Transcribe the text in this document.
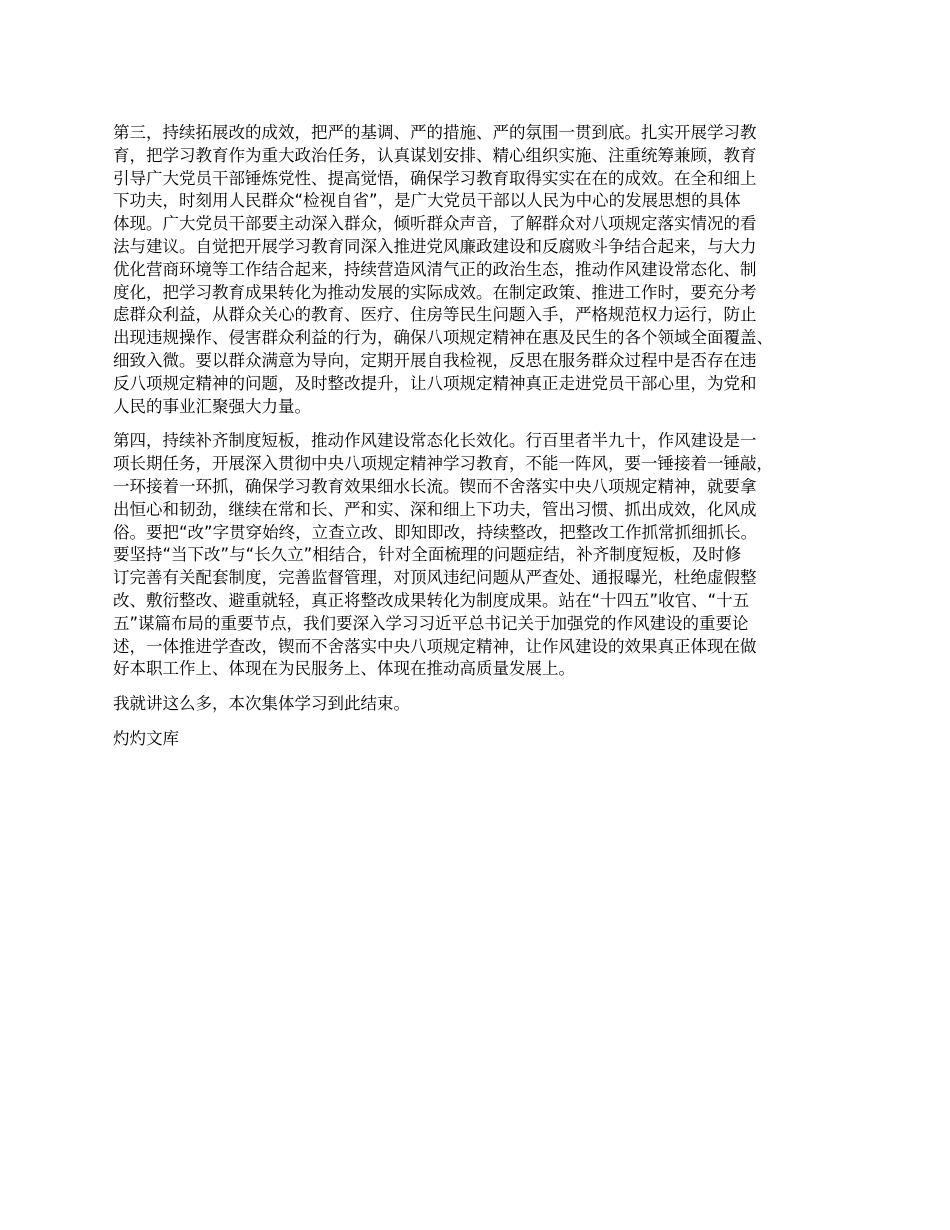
第三，持续拓展改的成效，把严的基调、严的措施、严的氛围一贯到底。扎实开展学习教
育，把学习教育作为重大政治任务，认真谋划安排、精心组织实施、注重统筹兼顾，教育
引导广大党员干部锤炼党性、提高觉悟，确保学习教育取得实实在在的成效。在全和细上
下功夫，时刻用人民群众“检视自省”，是广大党员干部以人民为中心的发展思想的具体
体现。广大党员干部要主动深入群众，倾听群众声音，了解群众对八项规定落实情况的看
法与建议。自觉把开展学习教育同深入推进党风廉政建设和反腐败斗争结合起来，与大力
优化营商环境等工作结合起来，持续营造风清气正的政治生态，推动作风建设常态化、制
度化，把学习教育成果转化为推动发展的实际成效。在制定政策、推进工作时，要充分考
虑群众利益，从群众关心的教育、医疗、住房等民生问题入手，严格规范权力运行，防止
出现违规操作、侵害群众利益的行为，确保八项规定精神在惠及民生的各个领域全面覆盖、
细致入微。要以群众满意为导向，定期开展自我检视，反思在服务群众过程中是否存在违
反八项规定精神的问题，及时整改提升，让八项规定精神真正走进党员干部心里，为党和
人民的事业汇聚强大力量。

第四，持续补齐制度短板，推动作风建设常态化长效化。行百里者半九十，作风建设是一
项长期任务，开展深入贯彻中央八项规定精神学习教育，不能一阵风，要一锤接着一锤敲，
一环接着一环抓，确保学习教育效果细水长流。锲而不舍落实中央八项规定精神，就要拿
出恒心和韧劲，继续在常和长、严和实、深和细上下功夫，管出习惯、抓出成效，化风成
俗。要把“改”字贯穿始终，立查立改、即知即改，持续整改，把整改工作抓常抓细抓长。
要坚持“当下改”与“长久立”相结合，针对全面梳理的问题症结，补齐制度短板，及时修
订完善有关配套制度，完善监督管理，对顶风违纪问题从严查处、通报曝光，杜绝虚假整
改、敷衍整改、避重就轻，真正将整改成果转化为制度成果。站在“十四五”收官、“十五
五”谋篇布局的重要节点，我们要深入学习习近平总书记关于加强党的作风建设的重要论
述，一体推进学查改，锲而不舍落实中央八项规定精神，让作风建设的效果真正体现在做
好本职工作上、体现在为民服务上、体现在推动高质量发展上。

我就讲这么多，本次集体学习到此结束。

灼灼文库
